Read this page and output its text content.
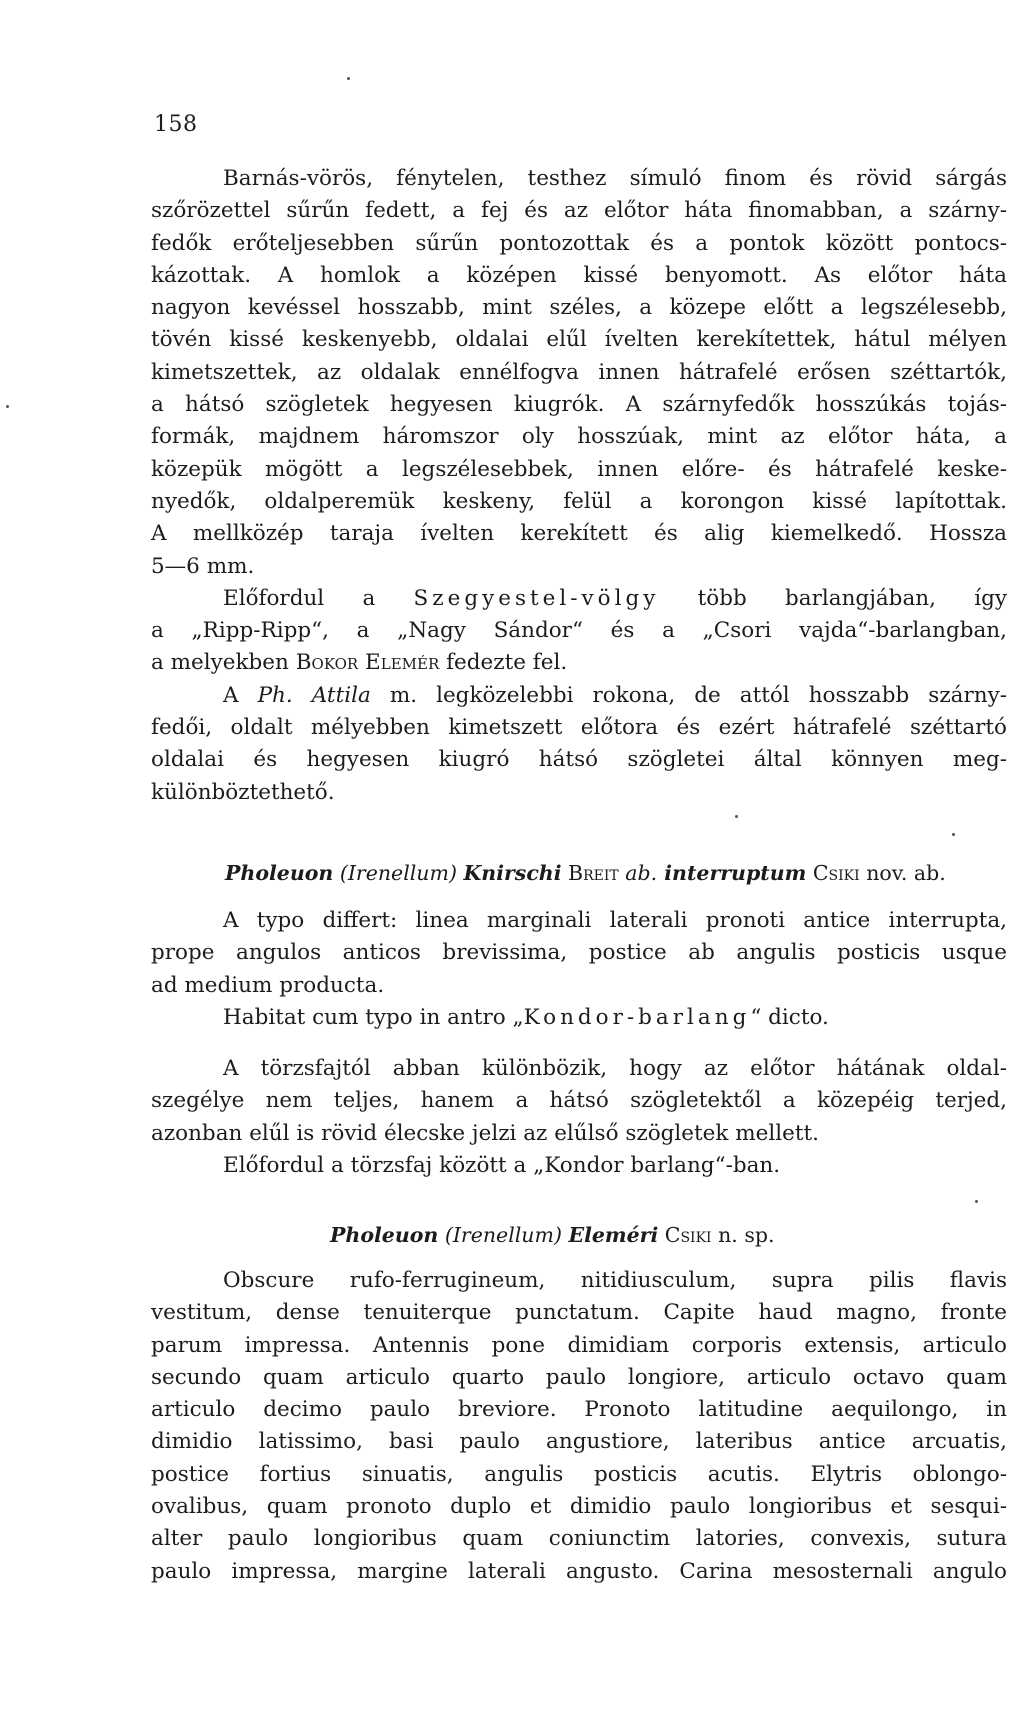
158
Barnás-vörös, fénytelen, testhez símuló finom és rövid sárgás
szőrözettel sűrűn fedett, a fej és az előtor háta finomabban, a szárny-
fedők erőteljesebben sűrűn pontozottak és a pontok között pontocs-
kázottak. A homlok a középen kissé benyomott. As előtor háta
nagyon kevéssel hosszabb, mint széles, a közepe előtt a legszélesebb,
tövén kissé keskenyebb, oldalai elűl ívelten kerekítettek, hátul mélyen
kimetszettek, az oldalak ennélfogva innen hátrafelé erősen széttartók,
a hátsó szögletek hegyesen kiugrók. A szárnyfedők hosszúkás tojás-
formák, majdnem háromszor oly hosszúak, mint az előtor háta, a
közepük mögött a legszélesebbek, innen előre- és hátrafelé keske-
nyedők, oldalperemük keskeny, felül a korongon kissé lapítottak.
A mellközép taraja ívelten kerekített és alig kiemelkedő. Hossza
5—6 mm.
Előfordul a Szegyestel-völgy több barlangjában, így
a „Ripp-Ripp“, a „Nagy Sándor“ és a „Csori vajda“-barlangban,
a melyekben Bokor Elemér fedezte fel.
A Ph. Attila m. legközelebbi rokona, de attól hosszabb szárny-
fedői, oldalt mélyebben kimetszett előtora és ezért hátrafelé széttartó
oldalai és hegyesen kiugró hátsó szögletei által könnyen meg-
különböztethető.
Pholeuon (Irenellum) Knirschi Breit ab. interruptum Csiki nov. ab.
A typo differt: linea marginali laterali pronoti antice interrupta,
prope angulos anticos brevissima, postice ab angulis posticis usque
ad medium producta.
Habitat cum typo in antro „Kondor-barlang“ dicto.
A törzsfajtól abban különbözik, hogy az előtor hátának oldal-
szegélye nem teljes, hanem a hátsó szögletektől a közepéig terjed,
azonban elűl is rövid élecske jelzi az elűlső szögletek mellett.
Előfordul a törzsfaj között a „Kondor barlang“-ban.
Pholeuon (Irenellum) Eleméri Csiki n. sp.
Obscure rufo-ferrugineum, nitidiusculum, supra pilis flavis
vestitum, dense tenuiterque punctatum. Capite haud magno, fronte
parum impressa. Antennis pone dimidiam corporis extensis, articulo
secundo quam articulo quarto paulo longiore, articulo octavo quam
articulo decimo paulo breviore. Pronoto latitudine aequilongo, in
dimidio latissimo, basi paulo angustiore, lateribus antice arcuatis,
postice fortius sinuatis, angulis posticis acutis. Elytris oblongo-
ovalibus, quam pronoto duplo et dimidio paulo longioribus et sesqui-
alter paulo longioribus quam coniunctim latories, convexis, sutura
paulo impressa, margine laterali angusto. Carina mesosternali angulo
